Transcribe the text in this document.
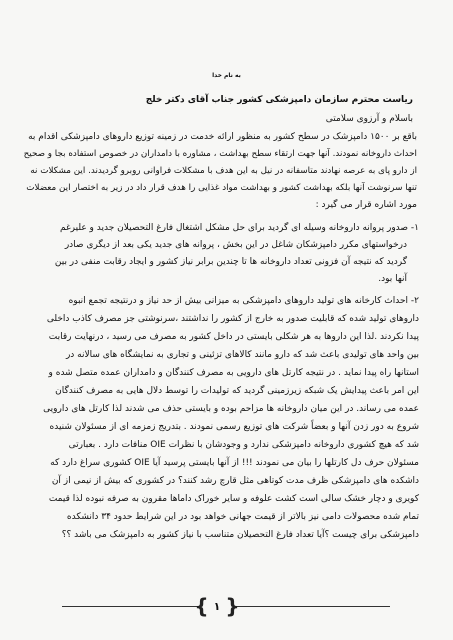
به نام خدا
ریاست محترم سازمان دامپزشکی کشور جناب آقای دکتر خلج
باسلام و آرزوی سلامتی
باقع بر ۱۵۰۰ دامپزشک در سطح کشور به منظور ارائه خدمت در زمینه توزیع داروهای دامپزشکی اقدام به
احداث داروخانه نمودند. آنها جهت ارتقاء سطح بهداشت ، مشاوره با دامداران در خصوص استفاده بجا و صحیح
از دارو پای به عرصه نهادند متاسفانه در نیل به این هدف با مشکلات فراوانی روبرو گردیدند. این مشکلات نه
تنها سرنوشت آنها بلکه بهداشت کشور و بهداشت مواد غذایی را هدف قرار داد در زیر به اختصار این معضلات
مورد اشاره قرار می گیرد :
۱- صدور پروانه داروخانه وسیله ای گردید برای حل مشکل اشتغال فارغ التحصیلان جدید و علیرغم
درخواستهای مکرر دامپزشکان شاغل در این بخش ، پروانه های جدید یکی بعد از دیگری صادر
گردید که نتیجه آن فزونی تعداد داروخانه ها تا چندین برابر نیاز کشور و ایجاد رقابت منفی در بین
آنها بود.
۲- احداث کارخانه های تولید داروهای دامپزشکی به میزانی بیش از حد نیاز و درنتیجه تجمع انبوه
داروهای تولید شده که قابلیت صدور به خارج از کشور را نداشتند ،سرنوشتی جز مصرف کاذب داخلی
پیدا نکردند .لذا این داروها به هر شکلی بایستی در داخل کشور به مصرف می رسید ، درنهایت رقابت
بین واحد های تولیدی باعث شد که دارو مانند کالاهای تزئینی و تجاری به نمایشگاه های سالانه در
استانها راه پیدا نماید . در نتیجه کارتل های دارویی به مصرف کنندگان و دامداران عمده متصل شده و
این امر باعث پیدایش یک شبکه زیرزمینی گردید که تولیدات را توسط دلال هایی به مصرف کنندگان
عمده می رساند. در این میان داروخانه ها مزاحم بوده و بایستی حذف می شدند لذا کارتل های دارویی
شروع به دور زدن آنها و بعضاً شرکت های توزیع رسمی نمودند . بتدریج زمزمه ای از مسئولان شنیده
شد که هیچ کشوری داروخانه دامپزشکی ندارد و وجودشان با نظرات OIE منافات دارد . بعبارتی
مسئولان حرف دل کارتلها را بیان می نمودند !!! از آنها بایستی پرسید آیا OIE کشوری سراغ دارد که
داشکده های دامپزشکی ظرف مدت کوتاهی مثل قارچ رشد کنند؟ در کشوری که بیش از نیمی از آن
کویری و دچار خشک سالی است کشت علوفه و سایر خوراک داماها مقرون به صرفه نبوده لذا قیمت
تمام شده محصولات دامی نیز بالاتر از قیمت جهانی خواهد بود در این شرایط حدود ۳۴ دانشکده
دامپزشکی برای چیست ؟آیا تعداد فارغ التحصیلان متناسب با نیاز کشور به دامپزشک می باشد ؟؟
{ ۱ }
